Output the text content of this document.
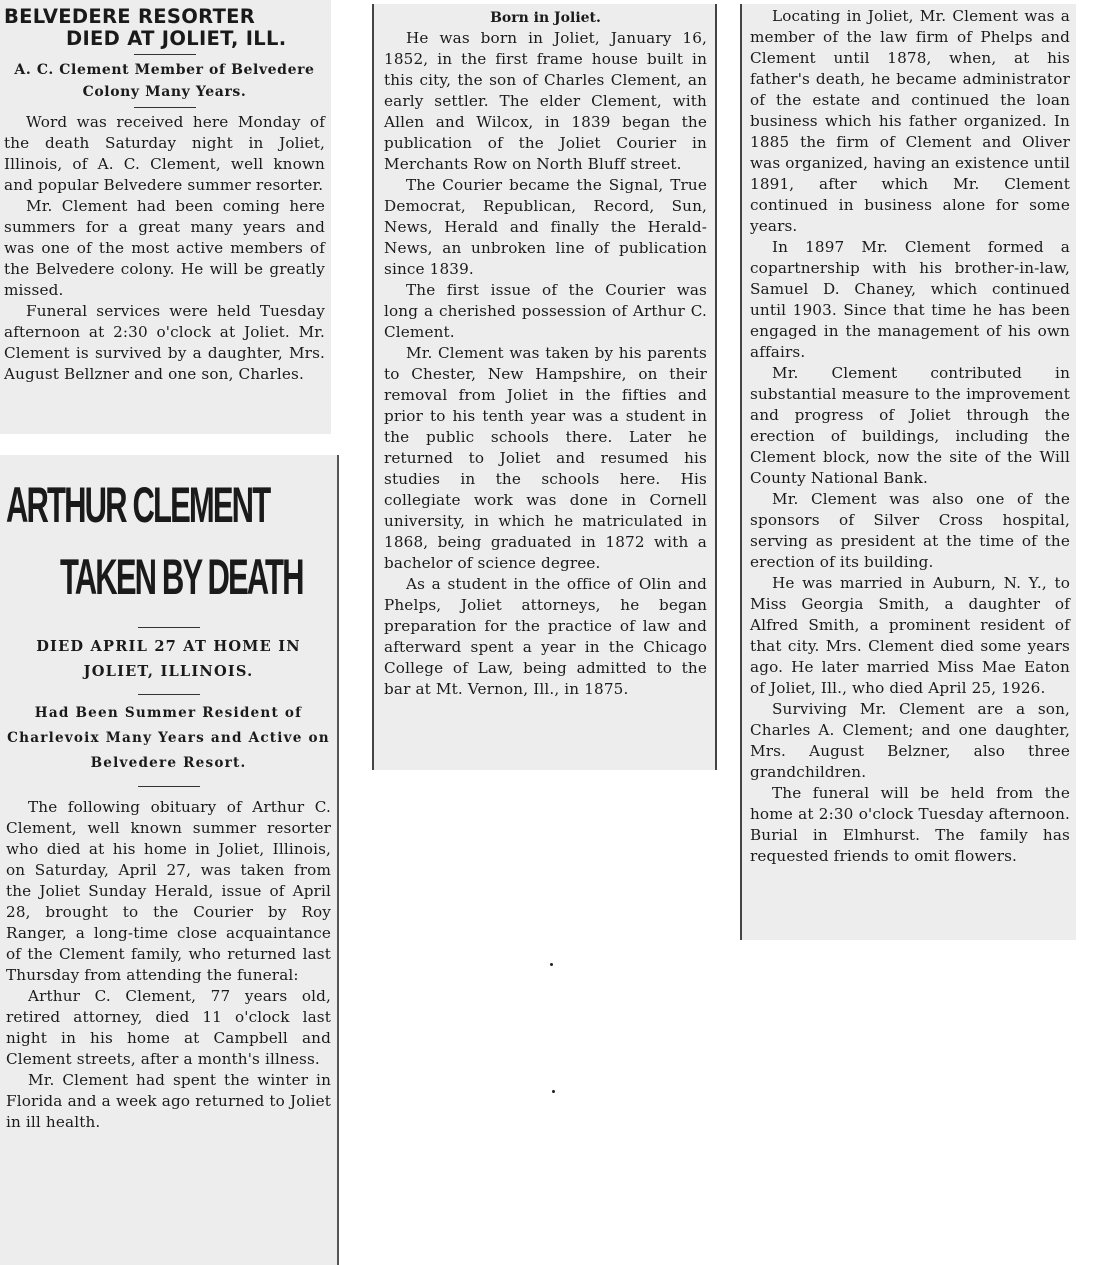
BELVEDERE RESORTER

DIED AT JOLIET, ILL.

A. C. Clement Member of Belvedere Colony Many Years.

Word was received here Monday of the death Saturday night in Joliet, Illinois, of A. C. Clement, well known and popular Belvedere summer resorter.

Mr. Clement had been coming here summers for a great many years and was one of the most active members of the Belvedere colony. He will be greatly missed.

Funeral services were held Tuesday afternoon at 2:30 o'clock at Joliet. Mr. Clement is survived by a daughter, Mrs. August Bellzner and one son, Charles.

ARTHUR CLEMENT

TAKEN BY DEATH

DIED APRIL 27 AT HOME IN JOLIET, ILLINOIS.

Had Been Summer Resident of Charlevoix Many Years and Active on Belvedere Resort.

The following obituary of Arthur C. Clement, well known summer resorter who died at his home in Joliet, Illinois, on Saturday, April 27, was taken from the Joliet Sunday Herald, issue of April 28, brought to the Courier by Roy Ranger, a long-time close acquaintance of the Clement family, who returned last Thursday from attending the funeral:

Arthur C. Clement, 77 years old, retired attorney, died 11 o'clock last night in his home at Campbell and Clement streets, after a month's illness.

Mr. Clement had spent the winter in Florida and a week ago returned to Joliet in ill health.

Born in Joliet.

He was born in Joliet, January 16, 1852, in the first frame house built in this city, the son of Charles Clement, an early settler. The elder Clement, with Allen and Wilcox, in 1839 began the publication of the Joliet Courier in Merchants Row on North Bluff street.

The Courier became the Signal, True Democrat, Republican, Record, Sun, News, Herald and finally the Herald-News, an unbroken line of publication since 1839.

The first issue of the Courier was long a cherished possession of Arthur C. Clement.

Mr. Clement was taken by his parents to Chester, New Hampshire, on their removal from Joliet in the fifties and prior to his tenth year was a student in the public schools there. Later he returned to Joliet and resumed his studies in the schools here. His collegiate work was done in Cornell university, in which he matriculated in 1868, being graduated in 1872 with a bachelor of science degree.

As a student in the office of Olin and Phelps, Joliet attorneys, he began preparation for the practice of law and afterward spent a year in the Chicago College of Law, being admitted to the bar at Mt. Vernon, Ill., in 1875.

Locating in Joliet, Mr. Clement was a member of the law firm of Phelps and Clement until 1878, when, at his father's death, he became administrator of the estate and continued the loan business which his father organized. In 1885 the firm of Clement and Oliver was organized, having an existence until 1891, after which Mr. Clement continued in business alone for some years.

In 1897 Mr. Clement formed a copartnership with his brother-in-law, Samuel D. Chaney, which continued until 1903. Since that time he has been engaged in the management of his own affairs.

Mr. Clement contributed in substantial measure to the improvement and progress of Joliet through the erection of buildings, including the Clement block, now the site of the Will County National Bank.

Mr. Clement was also one of the sponsors of Silver Cross hospital, serving as president at the time of the erection of its building.

He was married in Auburn, N. Y., to Miss Georgia Smith, a daughter of Alfred Smith, a prominent resident of that city. Mrs. Clement died some years ago. He later married Miss Mae Eaton of Joliet, Ill., who died April 25, 1926.

Surviving Mr. Clement are a son, Charles A. Clement; and one daughter, Mrs. August Belzner, also three grandchildren.

The funeral will be held from the home at 2:30 o'clock Tuesday afternoon. Burial in Elmhurst. The family has requested friends to omit flowers.
